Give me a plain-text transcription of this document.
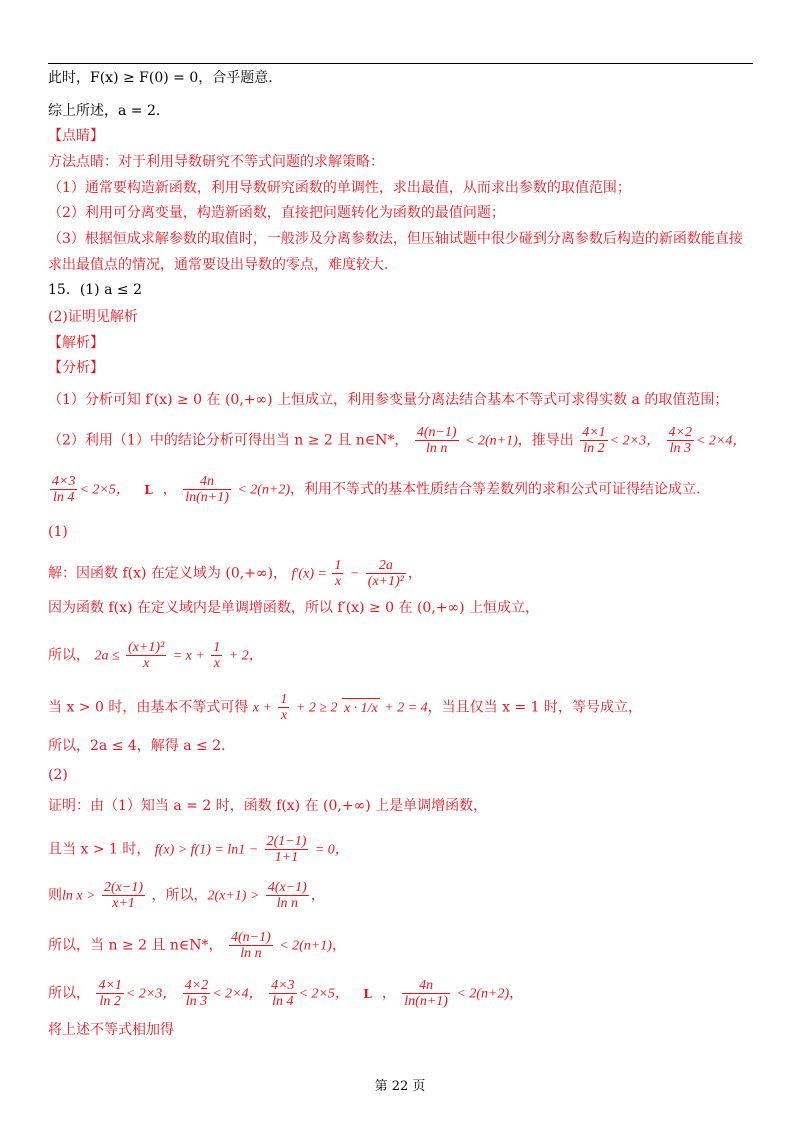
此时，F(x) ≥ F(0) = 0，合乎题意.
综上所述，a = 2.
【点睛】
方法点睛：对于利用导数研究不等式问题的求解策略：
（1）通常要构造新函数，利用导数研究函数的单调性，求出最值，从而求出参数的取值范围；
（2）利用可分离变量，构造新函数，直接把问题转化为函数的最值问题；
（3）根据恒成求解参数的取值时，一般涉及分离参数法，但压轴试题中很少碰到分离参数后构造的新函数能直接
求出最值点的情况，通常要设出导数的零点，难度较大.
15．(1) a ≤ 2
(2)证明见解析
【解析】
【分析】
（1）分析可知 f′(x) ≥ 0 在 (0,+∞) 上恒成立，利用参变量分离法结合基本不等式可求得实数 a 的取值范围；
（2）利用（1）中的结论分析可得出当 n ≥ 2 且 n∈N*， $\frac{4(n-1)}{\text{ln n}} < 2(n+1)$，推导出 $\frac{4\times 1}{\ln 2} < 2\times 3$， $\frac{4\times 2}{\ln 3} < 2\times 4$，
$\frac{4\times 3}{\ln 4} < 2\times 5$， L ， $\frac{4n}{\ln(n+1)} < 2(n+2)$，利用不等式的基本性质结合等差数列的求和公式可证得结论成立.
(1)
解：因函数 f(x) 在定义域为 (0,+∞)， $f'(x) = \frac{1}{x} - \frac{2a}{\text{(x+1)²}}$ ，
因为函数 f(x) 在定义域内是单调增函数，所以 f′(x) ≥ 0 在 (0,+∞) 上恒成立，
所以， $2a \le \frac{\text{(x+1)²}}{x} = x + \frac{1}{x} + 2$，
当 x > 0 时，由基本不等式可得 $x + \frac{1}{x} + 2 \ge 2$ x · 1/x + 2 = 4，当且仅当 x = 1 时，等号成立，
所以，2a ≤ 4，解得 a ≤ 2.
(2)
证明：由（1）知当 a = 2 时，函数 f(x) 在 (0,+∞) 上是单调增函数，
且当 x > 1 时， $f(x) > f(1) = \ln 1 - \frac{2(1-1)}{1+1} = 0$，
则$\ln x > \frac{2(x-1)}{x+1}$ ，所以，$2(x+1) > \frac{4(x-1)}{\text{ln n}}$ ，
所以，当 n ≥ 2 且 n∈N*， $\frac{4(n-1)}{\text{ln n}} < 2(n+1)$，
所以， $\frac{4\times 1}{\ln 2} < 2\times 3$， $\frac{4\times 2}{\ln 3} < 2\times 4$， $\frac{4\times 3}{\ln 4} < 2\times 5$， L ， $\frac{4n}{\ln(n+1)} < 2(n+2)$，
将上述不等式相加得
第 22 页
